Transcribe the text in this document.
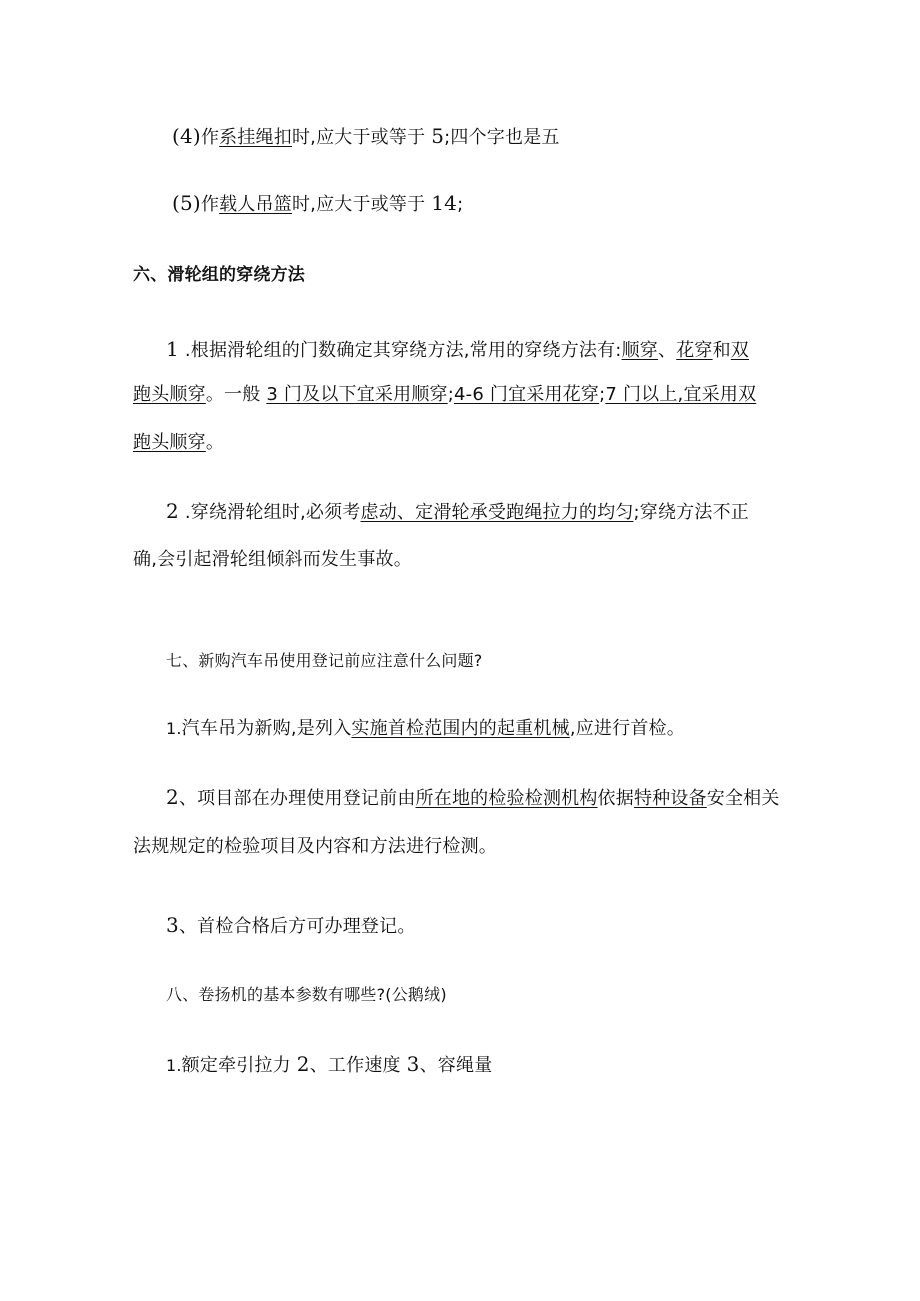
(4)作系挂绳扣时,应大于或等于 5;四个字也是五
(5)作载人吊篮时,应大于或等于 14;
六、滑轮组的穿绕方法
1 .根据滑轮组的门数确定其穿绕方法,常用的穿绕方法有:顺穿、花穿和双
跑头顺穿。一般 3 门及以下宜采用顺穿;4-6 门宜采用花穿;7 门以上,宜采用双
跑头顺穿。
2 .穿绕滑轮组时,必须考虑动、定滑轮承受跑绳拉力的均匀;穿绕方法不正
确,会引起滑轮组倾斜而发生事故。
七、新购汽车吊使用登记前应注意什么问题?
1.汽车吊为新购,是列入实施首检范围内的起重机械,应进行首检。
2、项目部在办理使用登记前由所在地的检验检测机构依据特种设备安全相关
法规规定的检验项目及内容和方法进行检测。
3、首检合格后方可办理登记。
八、卷扬机的基本参数有哪些?(公鹅绒)
1.额定牵引拉力 2、工作速度 3、容绳量
